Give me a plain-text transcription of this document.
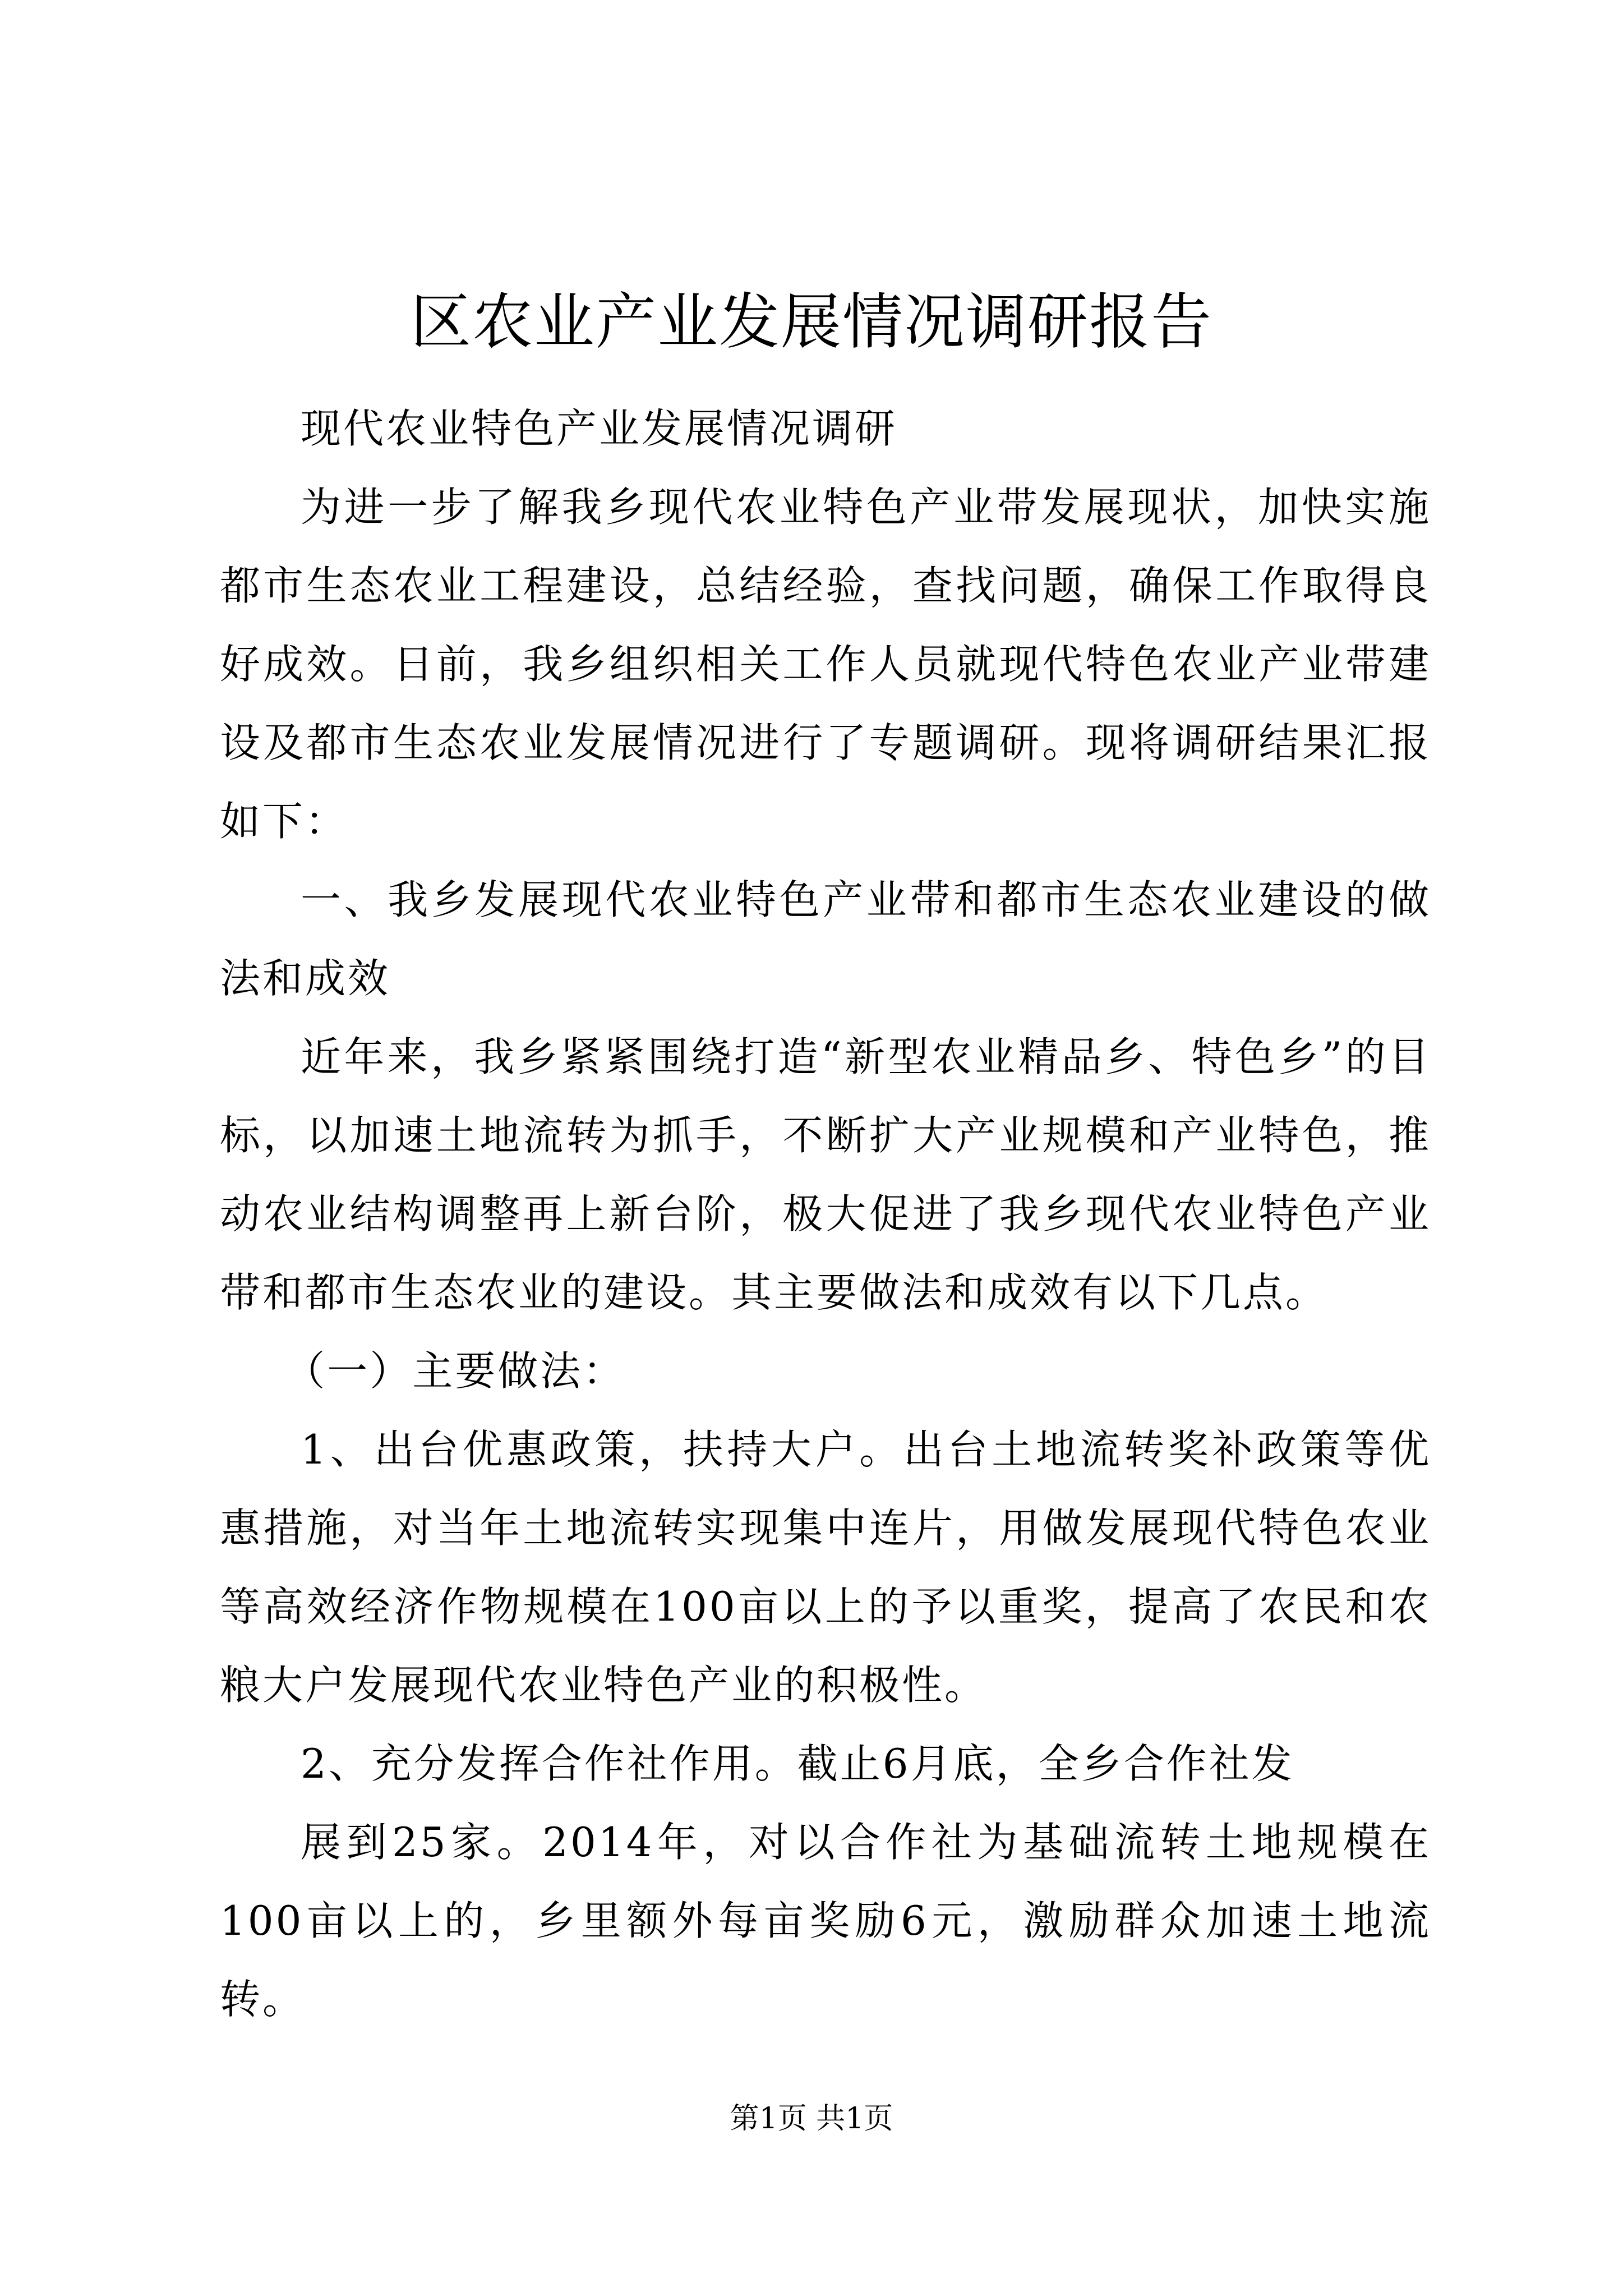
区农业产业发展情况调研报告

现代农业特色产业发展情况调研

为进一步了解我乡现代农业特色产业带发展现状，加快实施都市生态农业工程建设，总结经验，查找问题，确保工作取得良好成效。日前，我乡组织相关工作人员就现代特色农业产业带建设及都市生态农业发展情况进行了专题调研。现将调研结果汇报如下：

一、我乡发展现代农业特色产业带和都市生态农业建设的做法和成效

近年来，我乡紧紧围绕打造“新型农业精品乡、特色乡”的目标，以加速土地流转为抓手，不断扩大产业规模和产业特色，推动农业结构调整再上新台阶，极大促进了我乡现代农业特色产业带和都市生态农业的建设。其主要做法和成效有以下几点。

（一）主要做法：

1、出台优惠政策，扶持大户。出台土地流转奖补政策等优惠措施，对当年土地流转实现集中连片，用做发展现代特色农业等高效经济作物规模在100亩以上的予以重奖，提高了农民和农粮大户发展现代农业特色产业的积极性。

2、充分发挥合作社作用。截止6月底，全乡合作社发

展到25家。2014年，对以合作社为基础流转土地规模在100亩以上的，乡里额外每亩奖励6元，激励群众加速土地流转。

第1页 共1页
